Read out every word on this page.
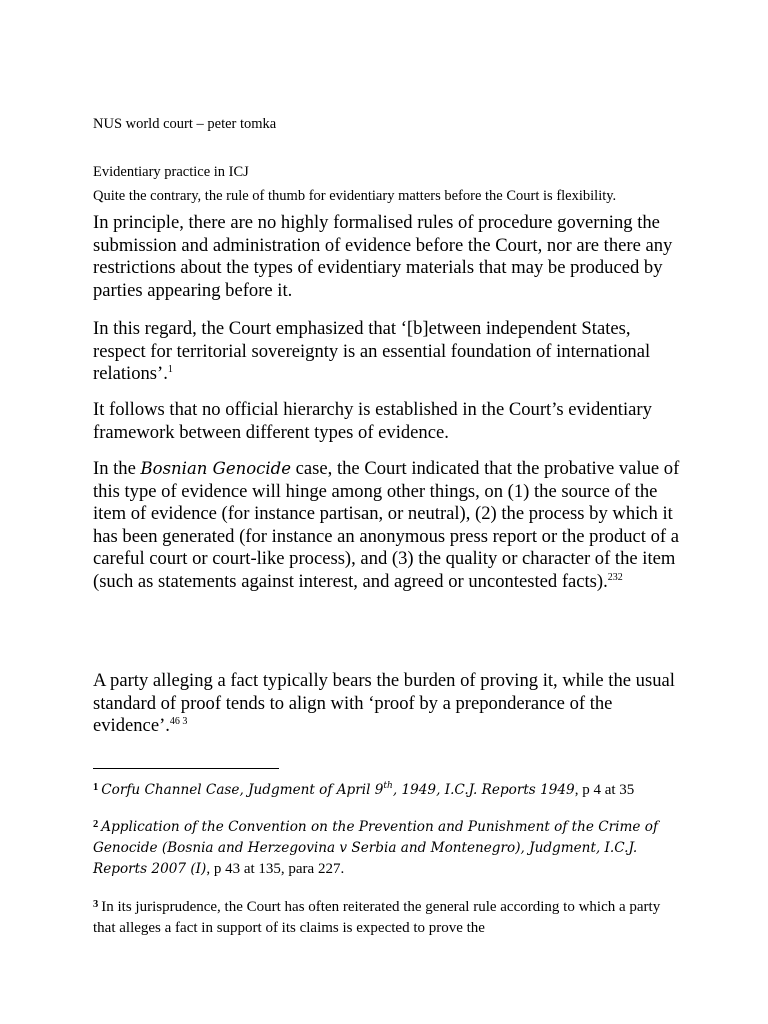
NUS world court – peter tomka

Evidentiary practice in ICJ

Quite the contrary, the rule of thumb for evidentiary matters before the Court is flexibility.

In principle, there are no highly formalised rules of procedure governing the submission and administration of evidence before the Court, nor are there any restrictions about the types of evidentiary materials that may be produced by parties appearing before it.

In this regard, the Court emphasized that ‘[b]etween independent States, respect for territorial sovereignty is an essential foundation of international relations’.$^1$

It follows that no official hierarchy is established in the Court’s evidentiary framework between different types of evidence.

In the Bosnian Genocide case, the Court indicated that the probative value of this type of evidence will hinge among other things, on (1) the source of the item of evidence (for instance partisan, or neutral), (2) the process by which it has been generated (for instance an anonymous press report or the product of a careful court or court-like process), and (3) the quality or character of the item (such as statements against interest, and agreed or uncontested facts).$^{232}$

A party alleging a fact typically bears the burden of proving it, while the usual standard of proof tends to align with ‘proof by a preponderance of the evidence’.$^{46 3}$

$^1$ Corfu Channel Case, Judgment of April 9th, 1949, I.C.J. Reports 1949, p 4 at 35

$^2$ Application of the Convention on the Prevention and Punishment of the Crime of Genocide (Bosnia and Herzegovina v Serbia and Montenegro), Judgment, I.C.J. Reports 2007 (I), p 43 at 135, para 227.

$^3$ In its jurisprudence, the Court has often reiterated the general rule according to which a party that alleges a fact in support of its claims is expected to prove the
